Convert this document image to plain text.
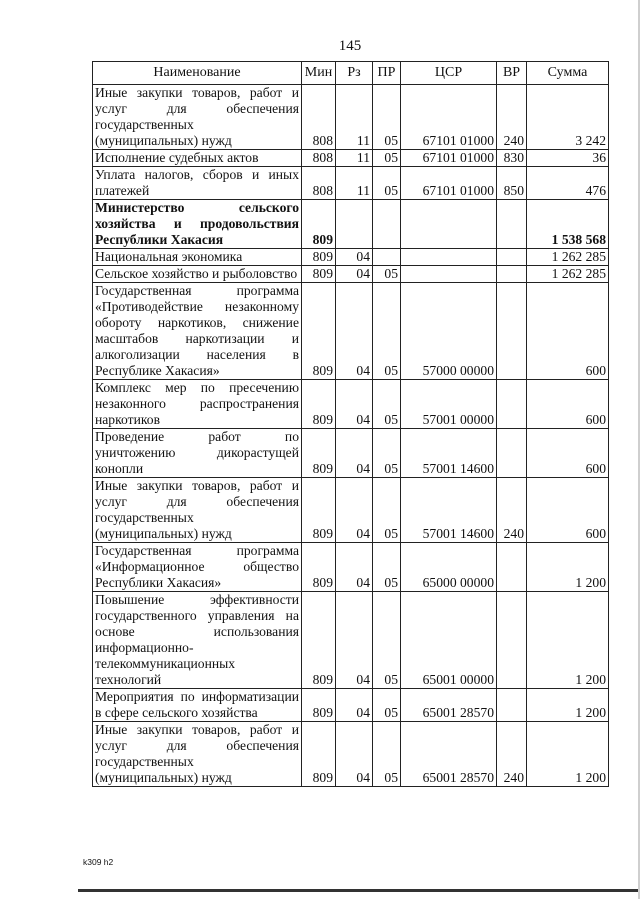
145
Наименование	Мин	Рз	ПР	ЦСР	ВР	Сумма
Иные закупки товаров, работ и услуг для обеспечения государственных (муниципальных) нужд	808	11	05	67101 01000	240	3 242
Исполнение судебных актов	808	11	05	67101 01000	830	36
Уплата налогов, сборов и иных платежей	808	11	05	67101 01000	850	476
Министерство сельского хозяйства и продовольствия Республики Хакасия	809					1 538 568
Национальная экономика	809	04				1 262 285
Сельское хозяйство и рыболовство	809	04	05			1 262 285
Государственная программа «Противодействие незаконному обороту наркотиков, снижение масштабов наркотизации и алкоголизации населения в Республике Хакасия»	809	04	05	57000 00000		600
Комплекс мер по пресечению незаконного распространения наркотиков	809	04	05	57001 00000		600
Проведение работ по уничтожению дикорастущей конопли	809	04	05	57001 14600		600
Иные закупки товаров, работ и услуг для обеспечения государственных (муниципальных) нужд	809	04	05	57001 14600	240	600
Государственная программа «Информационное общество Республики Хакасия»	809	04	05	65000 00000		1 200
Повышение эффективности государственного управления на основе использования информационно-телекоммуникационных технологий	809	04	05	65001 00000		1 200
Мероприятия по информатизации в сфере сельского хозяйства	809	04	05	65001 28570		1 200
Иные закупки товаров, работ и услуг для обеспечения государственных (муниципальных) нужд	809	04	05	65001 28570	240	1 200
k309 h2
